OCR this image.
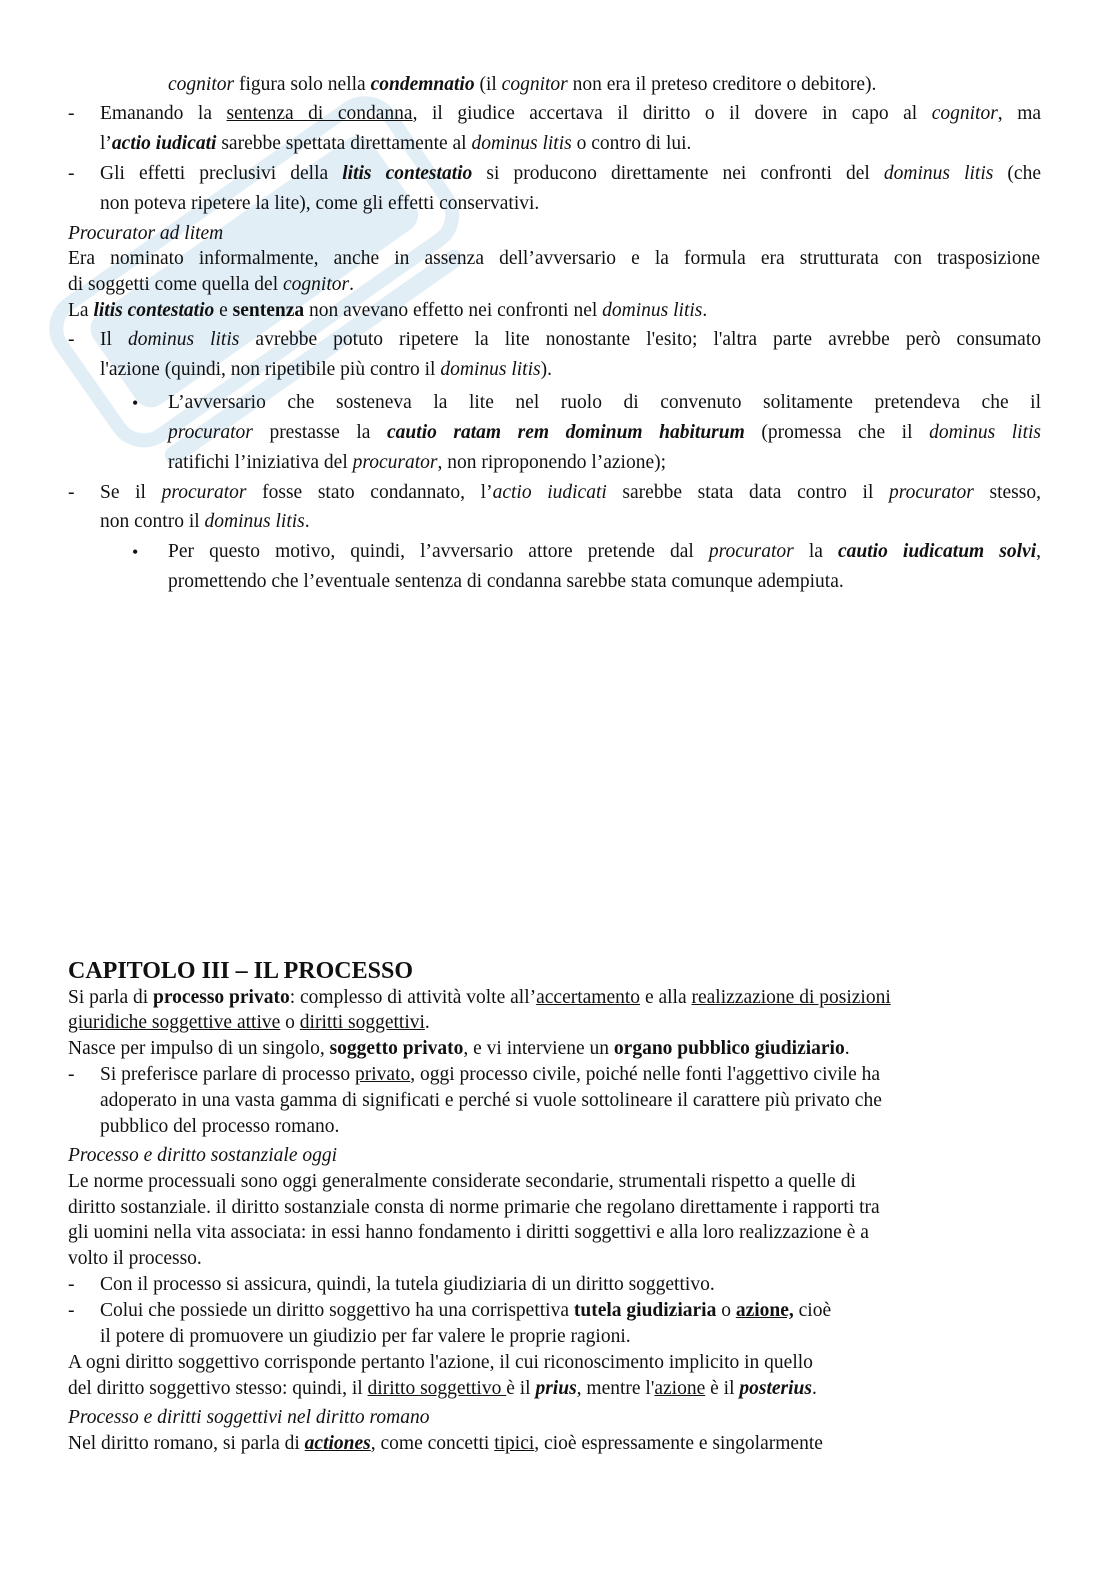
cognitor figura solo nella condemnatio (il cognitor non era il preteso creditore o debitore).
- Emanando la sentenza di condanna, il giudice accertava il diritto o il dovere in capo al cognitor, ma
l’actio iudicati sarebbe spettata direttamente al dominus litis o contro di lui.
- Gli effetti preclusivi della litis contestatio si producono direttamente nei confronti del dominus litis (che
non poteva ripetere la lite), come gli effetti conservativi.
Procurator ad litem
Era nominato informalmente, anche in assenza dell’avversario e la formula era strutturata con trasposizione
di soggetti come quella del cognitor.
La litis contestatio e sentenza non avevano effetto nei confronti nel dominus litis.
- Il dominus litis avrebbe potuto ripetere la lite nonostante l'esito; l'altra parte avrebbe però consumato
l'azione (quindi, non ripetibile più contro il dominus litis).
• L’avversario che sosteneva la lite nel ruolo di convenuto solitamente pretendeva che il
procurator prestasse la cautio ratam rem dominum habiturum (promessa che il dominus litis
ratifichi l’iniziativa del procurator, non riproponendo l’azione);
- Se il procurator fosse stato condannato, l’actio iudicati sarebbe stata data contro il procurator stesso,
non contro il dominus litis.
• Per questo motivo, quindi, l’avversario attore pretende dal procurator la cautio iudicatum solvi,
promettendo che l’eventuale sentenza di condanna sarebbe stata comunque adempiuta.
CAPITOLO III – IL PROCESSO
Si parla di processo privato: complesso di attività volte all’accertamento e alla realizzazione di posizioni
giuridiche soggettive attive o diritti soggettivi.
Nasce per impulso di un singolo, soggetto privato, e vi interviene un organo pubblico giudiziario.
- Si preferisce parlare di processo privato, oggi processo civile, poiché nelle fonti l'aggettivo civile ha
adoperato in una vasta gamma di significati e perché si vuole sottolineare il carattere più privato che
pubblico del processo romano.
Processo e diritto sostanziale oggi
Le norme processuali sono oggi generalmente considerate secondarie, strumentali rispetto a quelle di
diritto sostanziale. il diritto sostanziale consta di norme primarie che regolano direttamente i rapporti tra
gli uomini nella vita associata: in essi hanno fondamento i diritti soggettivi e alla loro realizzazione è a
volto il processo.
- Con il processo si assicura, quindi, la tutela giudiziaria di un diritto soggettivo.
- Colui che possiede un diritto soggettivo ha una corrispettiva tutela giudiziaria o azione, cioè
il potere di promuovere un giudizio per far valere le proprie ragioni.
A ogni diritto soggettivo corrisponde pertanto l'azione, il cui riconoscimento implicito in quello
del diritto soggettivo stesso: quindi, il diritto soggettivo è il prius, mentre l'azione è il posterius.
Processo e diritti soggettivi nel diritto romano
Nel diritto romano, si parla di actiones, come concetti tipici, cioè espressamente e singolarmente
